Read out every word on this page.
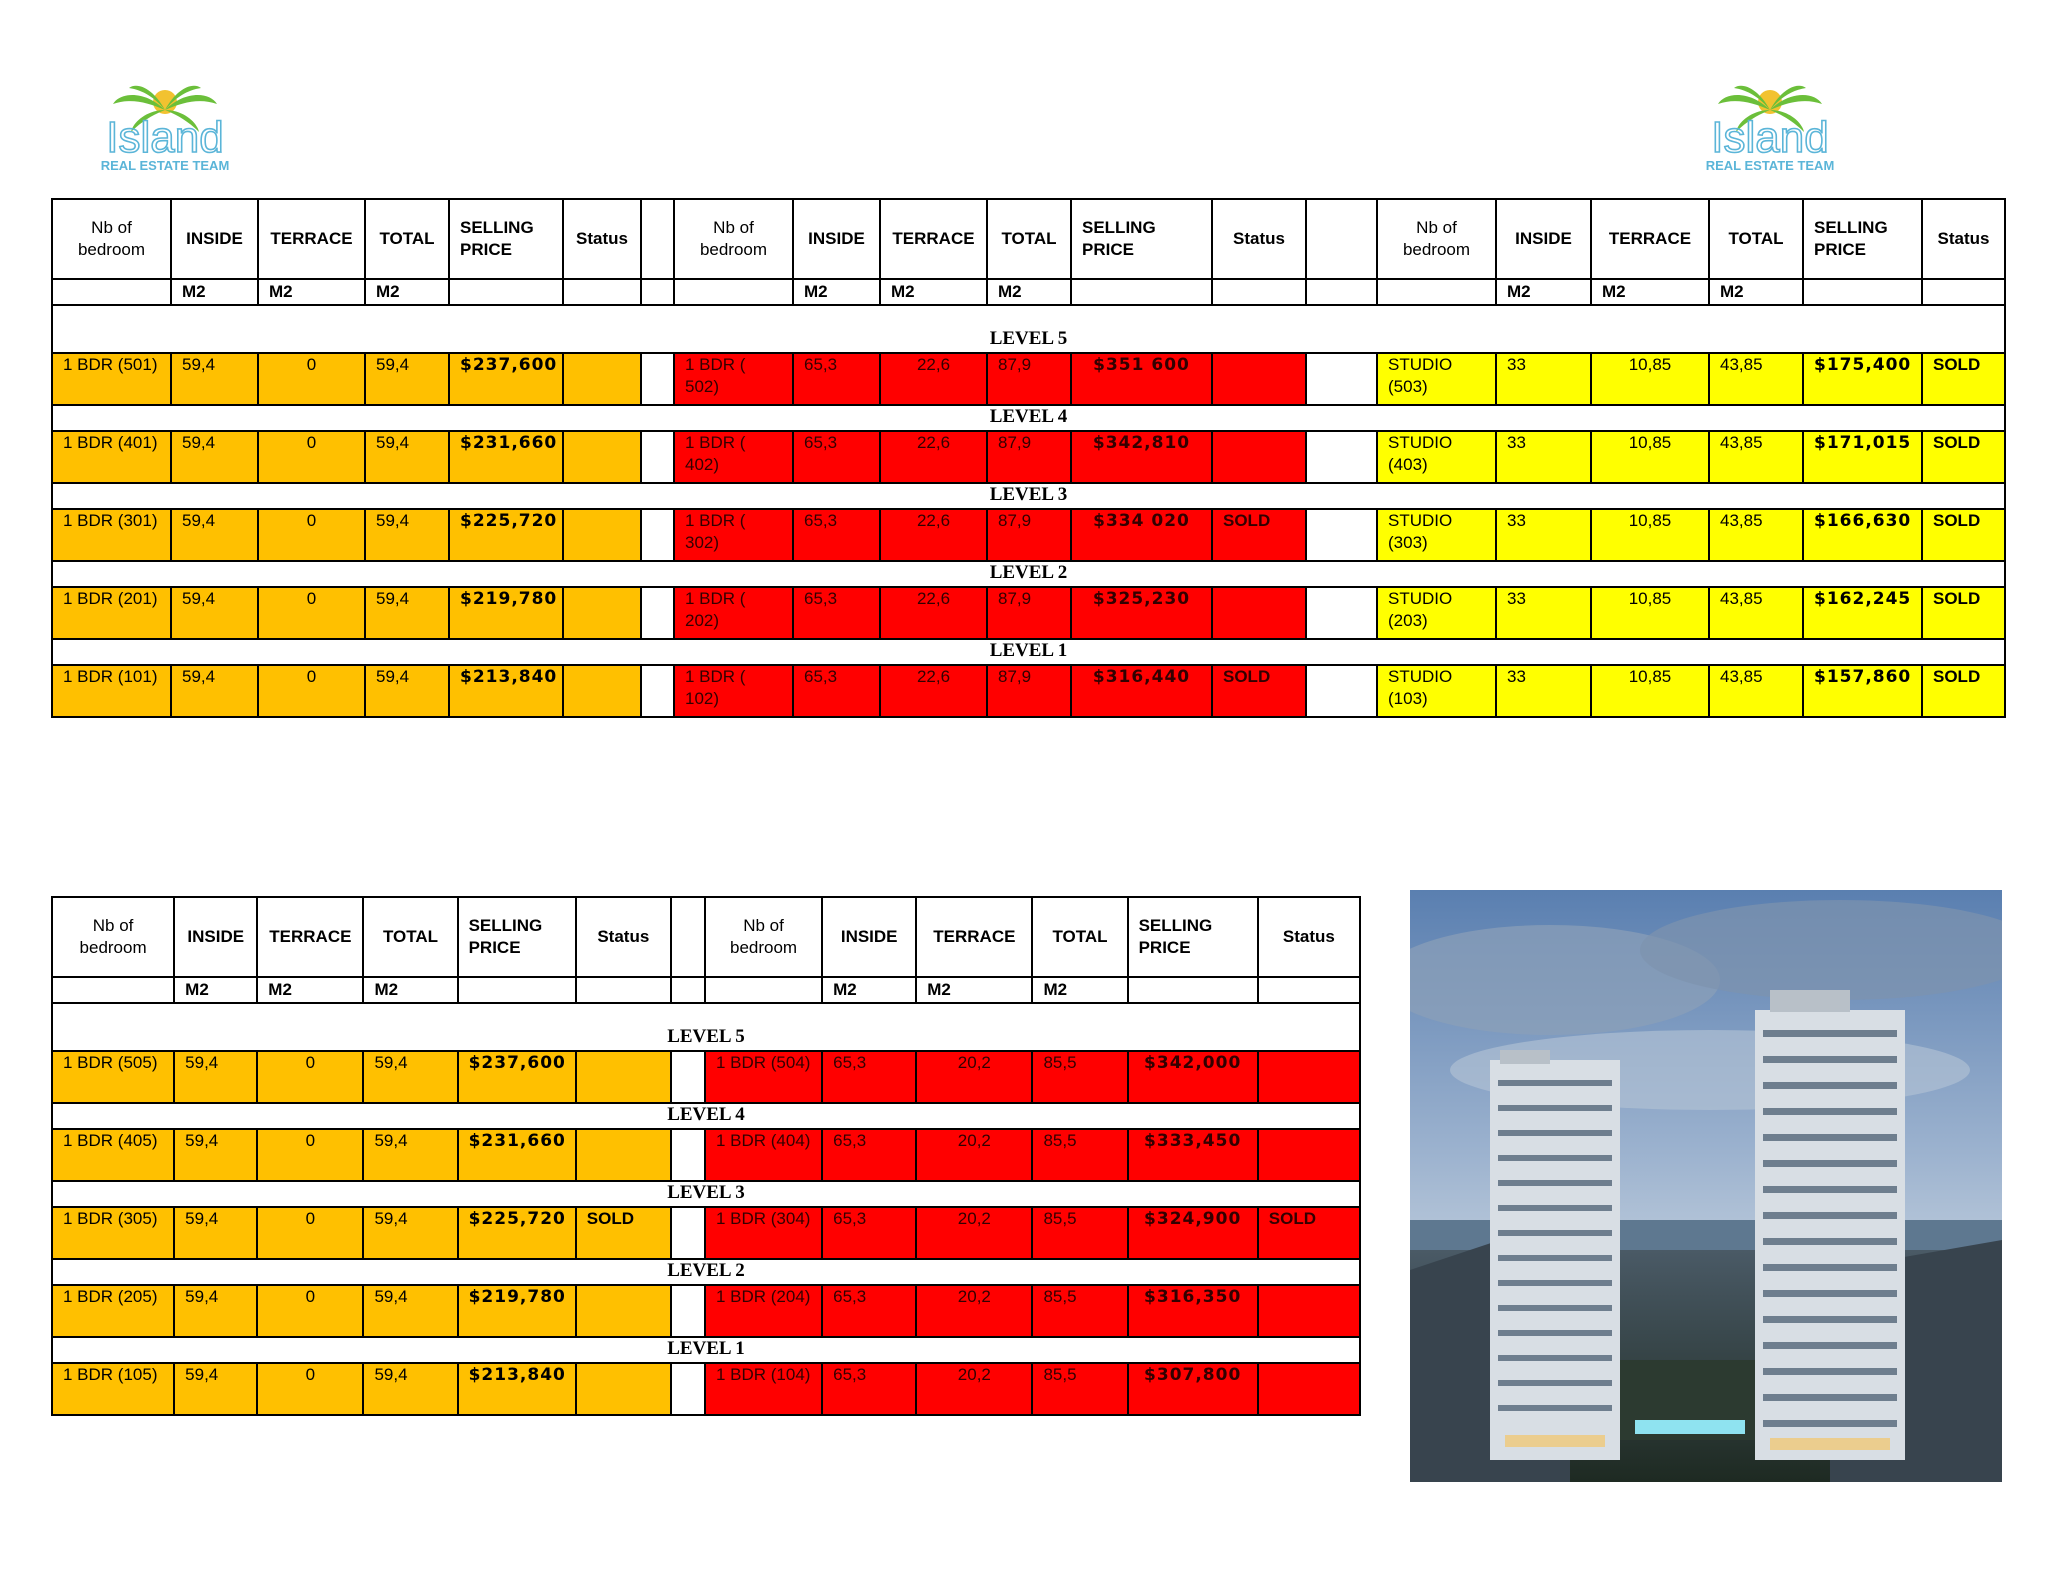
Island
REAL ESTATE TEAM
Island
REAL ESTATE TEAM
Nb of bedroom	INSIDE	TERRACE	TOTAL	SELLING PRICE	Status		Nb of bedroom	INSIDE	TERRACE	TOTAL	SELLING PRICE	Status		Nb of bedroom	INSIDE	TERRACE	TOTAL	SELLING PRICE	Status
	M2	M2	M2					M2	M2	M2					M2	M2	M2		
LEVEL 5																			
1 BDR (501)	59,4	0	59,4	$237,600			1 BDR ( 502)	65,3	22,6	87,9	$351 600			STUDIO (503)	33	10,85	43,85	$175,400	SOLD
LEVEL 4																			
1 BDR (401)	59,4	0	59,4	$231,660			1 BDR ( 402)	65,3	22,6	87,9	$342,810			STUDIO (403)	33	10,85	43,85	$171,015	SOLD
LEVEL 3																			
1 BDR (301)	59,4	0	59,4	$225,720			1 BDR ( 302)	65,3	22,6	87,9	$334 020	SOLD		STUDIO (303)	33	10,85	43,85	$166,630	SOLD
LEVEL 2																			
1 BDR (201)	59,4	0	59,4	$219,780			1 BDR ( 202)	65,3	22,6	87,9	$325,230			STUDIO (203)	33	10,85	43,85	$162,245	SOLD
LEVEL 1																			
1 BDR (101)	59,4	0	59,4	$213,840			1 BDR ( 102)	65,3	22,6	87,9	$316,440	SOLD		STUDIO (103)	33	10,85	43,85	$157,860	SOLD
Nb of bedroom	INSIDE	TERRACE	TOTAL	SELLING PRICE	Status		Nb of bedroom	INSIDE	TERRACE	TOTAL	SELLING PRICE	Status
	M2	M2	M2					M2	M2	M2		
LEVEL 5												
1 BDR (505)	59,4	0	59,4	$237,600			1 BDR (504)	65,3	20,2	85,5	$342,000	
LEVEL 4												
1 BDR (405)	59,4	0	59,4	$231,660			1 BDR (404)	65,3	20,2	85,5	$333,450	
LEVEL 3												
1 BDR (305)	59,4	0	59,4	$225,720	SOLD		1 BDR (304)	65,3	20,2	85,5	$324,900	SOLD
LEVEL 2												
1 BDR (205)	59,4	0	59,4	$219,780			1 BDR (204)	65,3	20,2	85,5	$316,350	
LEVEL 1												
1 BDR (105)	59,4	0	59,4	$213,840			1 BDR (104)	65,3	20,2	85,5	$307,800	
